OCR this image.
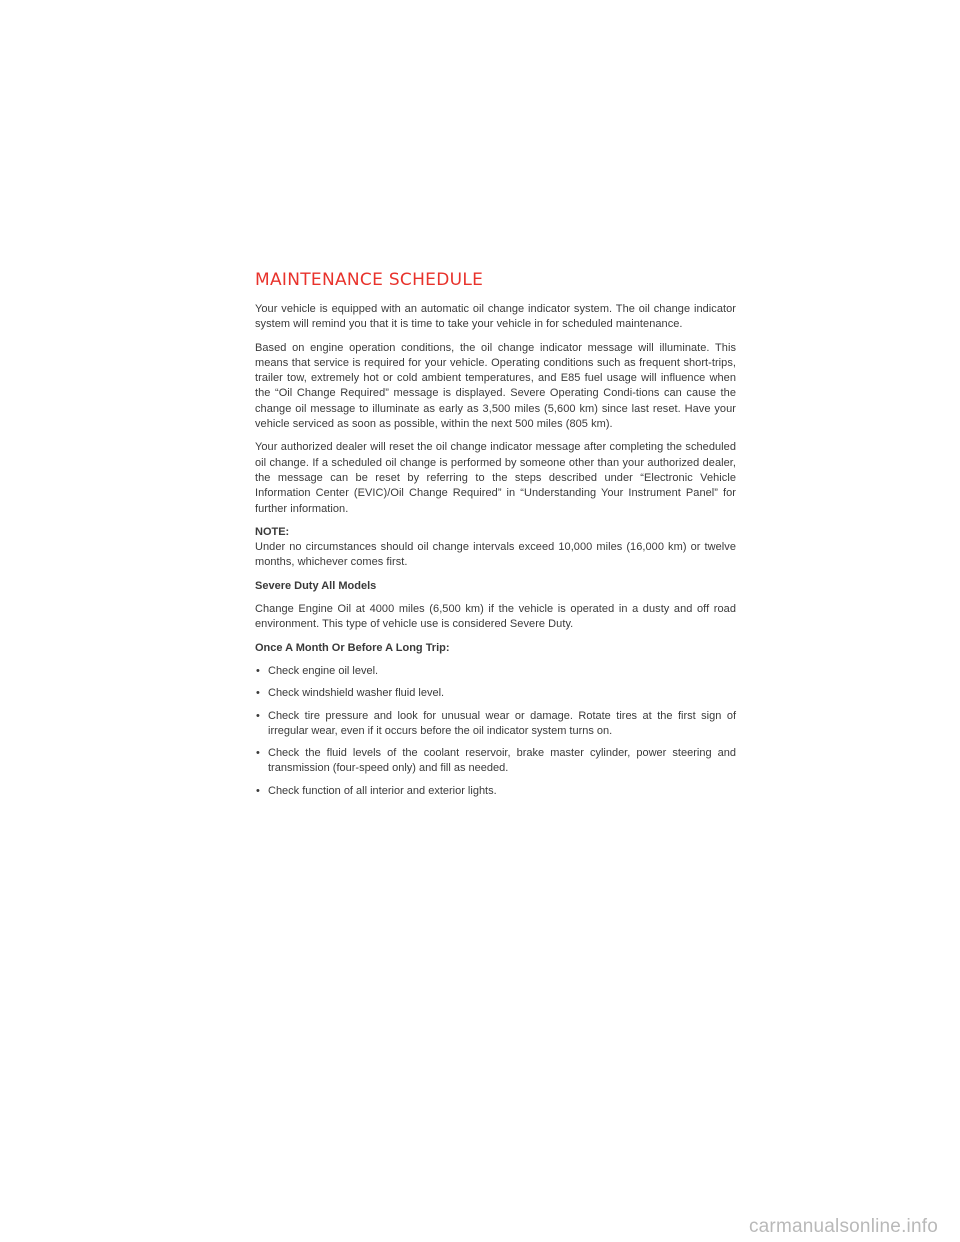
MAINTENANCE SCHEDULE

Your vehicle is equipped with an automatic oil change indicator system. The oil change indicator system will remind you that it is time to take your vehicle in for scheduled maintenance.

Based on engine operation conditions, the oil change indicator message will illuminate. This means that service is required for your vehicle. Operating conditions such as frequent short-trips, trailer tow, extremely hot or cold ambient temperatures, and E85 fuel usage will influence when the “Oil Change Required” message is displayed. Severe Operating Condi-tions can cause the change oil message to illuminate as early as 3,500 miles (5,600 km) since last reset. Have your vehicle serviced as soon as possible, within the next 500 miles (805 km).

Your authorized dealer will reset the oil change indicator message after completing the scheduled oil change. If a scheduled oil change is performed by someone other than your authorized dealer, the message can be reset by referring to the steps described under “Electronic Vehicle Information Center (EVIC)/Oil Change Required” in “Understanding Your Instrument Panel” for further information.

NOTE:

Under no circumstances should oil change intervals exceed 10,000 miles (16,000 km) or twelve months, whichever comes first.

Severe Duty All Models

Change Engine Oil at 4000 miles (6,500 km) if the vehicle is operated in a dusty and off road environment. This type of vehicle use is considered Severe Duty.

Once A Month Or Before A Long Trip:

• Check engine oil level.
• Check windshield washer fluid level.
• Check tire pressure and look for unusual wear or damage. Rotate tires at the first sign of irregular wear, even if it occurs before the oil indicator system turns on.
• Check the fluid levels of the coolant reservoir, brake master cylinder, power steering and transmission (four-speed only) and fill as needed.
• Check function of all interior and exterior lights.
carmanualsonline.info
